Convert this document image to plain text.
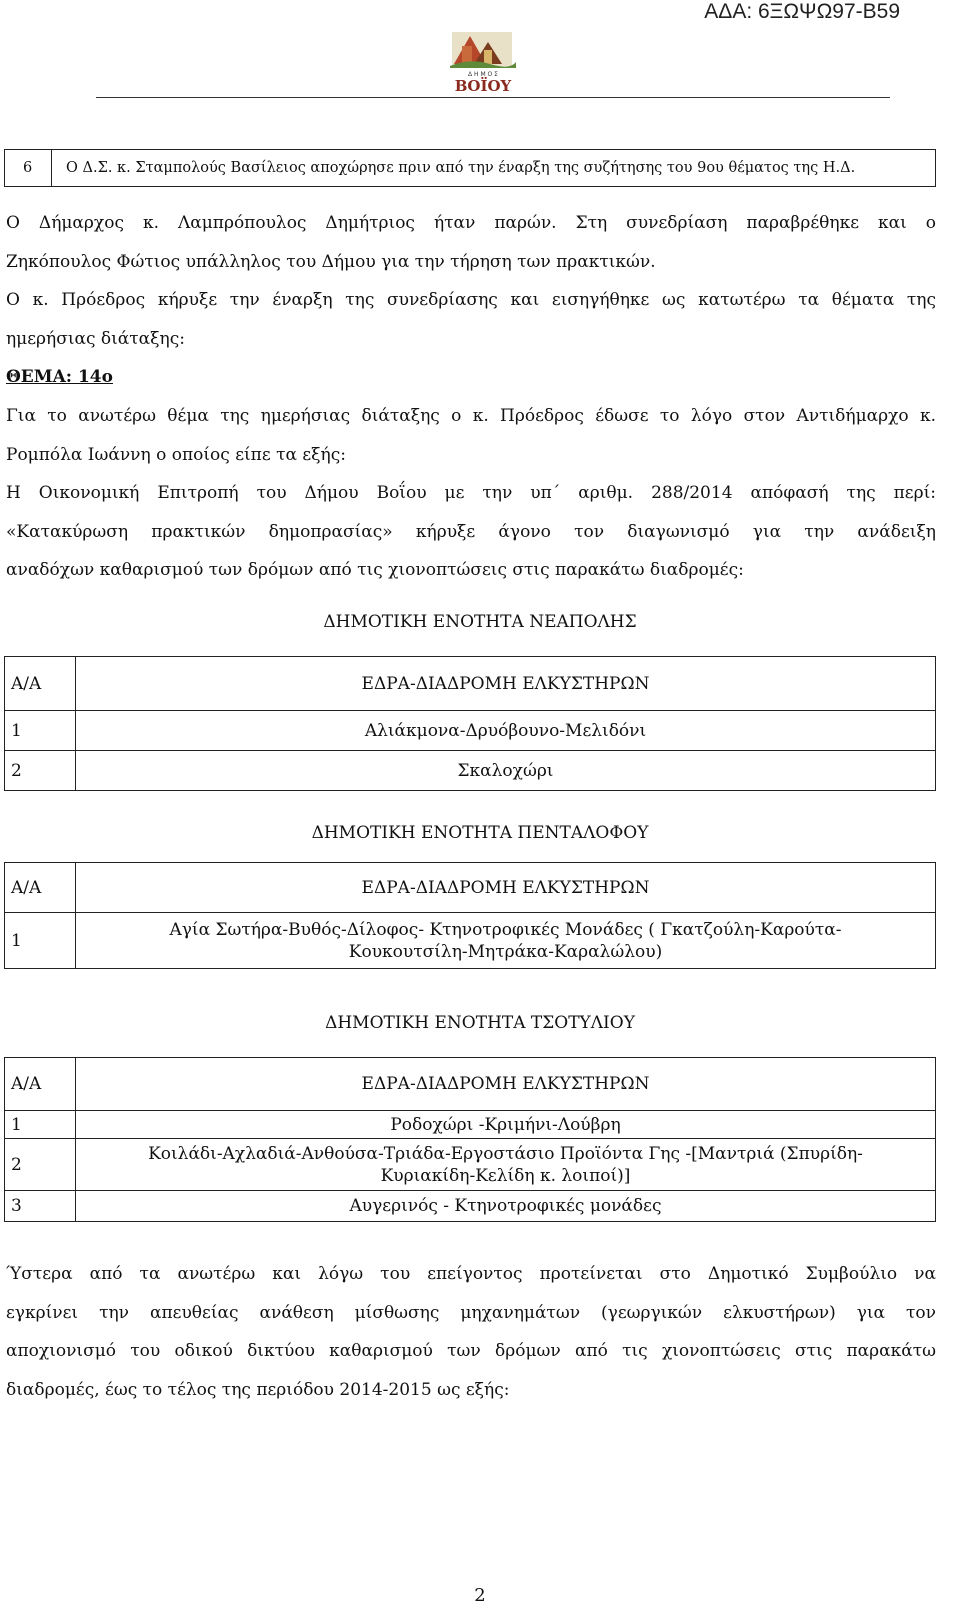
ΑΔΑ: 6ΞΩΨΩ97-Β59
Δ Η Μ Ο Σ
ΒΟΪΟΥ
6	Ο Δ.Σ. κ. Σταμπολούς Βασίλειος αποχώρησε πριν από την έναρξη της συζήτησης του 9ου θέματος της Η.Δ.
Ο Δήμαρχος κ. Λαμπρόπουλος Δημήτριος ήταν παρών. Στη συνεδρίαση παραβρέθηκε και ο
Ζηκόπουλος Φώτιος υπάλληλος του Δήμου για την τήρηση των πρακτικών.
Ο κ. Πρόεδρος κήρυξε την έναρξη της συνεδρίασης και εισηγήθηκε ως κατωτέρω τα θέματα της
ημερήσιας διάταξης:
ΘΕΜΑ: 14ο
Για το ανωτέρω θέμα της ημερήσιας διάταξης ο κ. Πρόεδρος έδωσε το λόγο στον Αντιδήμαρχο κ.
Ρομπόλα Ιωάννη ο οποίος είπε τα εξής:
Η Οικονομική Επιτροπή του Δήμου Βοΐου με την υπ΄ αριθμ. 288/2014 απόφασή της περί:
«Κατακύρωση πρακτικών δημοπρασίας» κήρυξε άγονο τον διαγωνισμό για την ανάδειξη
αναδόχων καθαρισμού των δρόμων από τις χιονοπτώσεις στις παρακάτω διαδρομές:
ΔΗΜΟΤΙΚΗ ΕΝΟΤΗΤΑ ΝΕΑΠΟΛΗΣ
Α/Α	ΕΔΡΑ-ΔΙΑΔΡΟΜΗ ΕΛΚΥΣΤΗΡΩΝ
1	Αλιάκμονα-Δρυόβουνο-Μελιδόνι
2	Σκαλοχώρι
ΔΗΜΟΤΙΚΗ ΕΝΟΤΗΤΑ ΠΕΝΤΑΛΟΦΟΥ
Α/Α	ΕΔΡΑ-ΔΙΑΔΡΟΜΗ ΕΛΚΥΣΤΗΡΩΝ
1	Αγία Σωτήρα-Βυθός-Δίλοφος- Κτηνοτροφικές Μονάδες ( Γκατζούλη-Καρούτα-
Κουκουτσίλη-Μητράκα-Καραλώλου)
ΔΗΜΟΤΙΚΗ ΕΝΟΤΗΤΑ ΤΣΟΤΥΛΙΟΥ
Α/Α	ΕΔΡΑ-ΔΙΑΔΡΟΜΗ ΕΛΚΥΣΤΗΡΩΝ
1	Ροδοχώρι -Κριμήνι-Λούβρη
2	Κοιλάδι-Αχλαδιά-Ανθούσα-Τριάδα-Εργοστάσιο Προϊόντα Γης -[Μαντριά (Σπυρίδη-
Κυριακίδη-Κελίδη κ. λοιποί)]

3	Αυγερινός - Κτηνοτροφικές μονάδες
Ύστερα από τα ανωτέρω και λόγω του επείγοντος προτείνεται στο Δημοτικό Συμβούλιο να
εγκρίνει την απευθείας ανάθεση μίσθωσης μηχανημάτων (γεωργικών ελκυστήρων) για τον
αποχιονισμό του οδικού δικτύου καθαρισμού των δρόμων από τις χιονοπτώσεις στις παρακάτω
διαδρομές, έως το τέλος της περιόδου 2014-2015 ως εξής:
2
